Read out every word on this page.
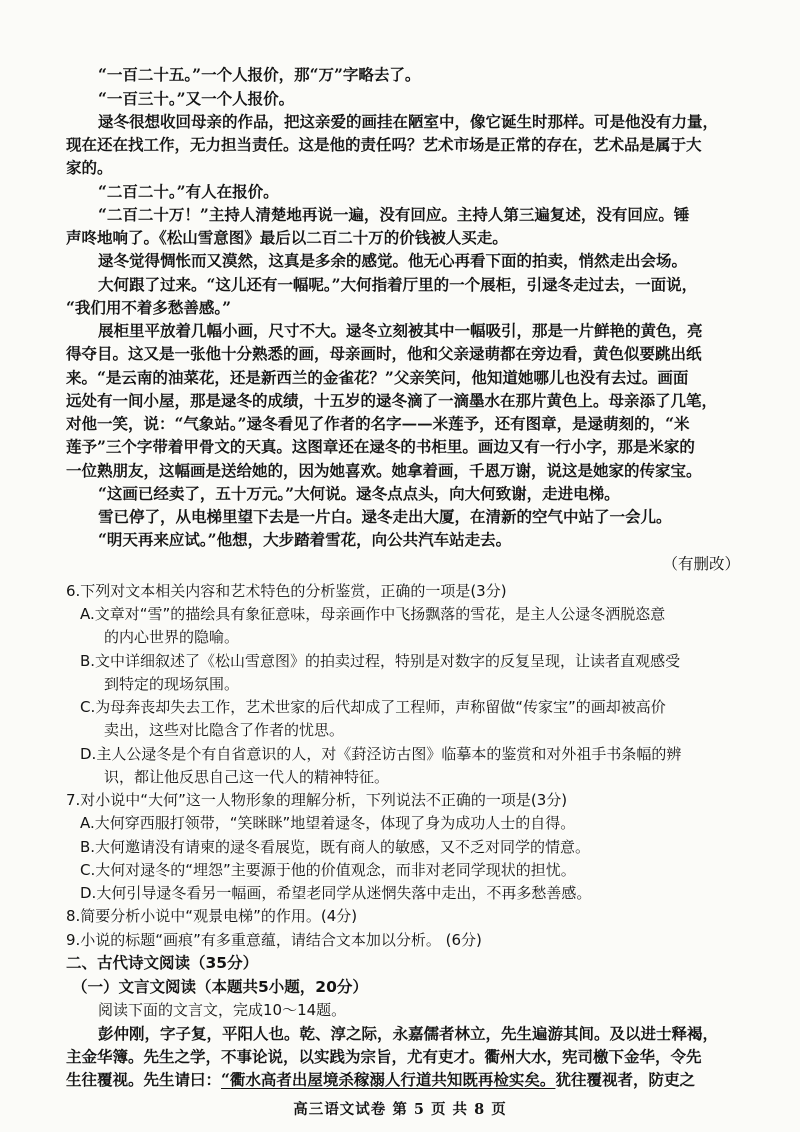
“一百二十五。”一个人报价，那“万”字略去了。
“一百三十。”又一个人报价。
逯冬很想收回母亲的作品，把这亲爱的画挂在陋室中，像它诞生时那样。可是他没有力量，
现在还在找工作，无力担当责任。这是他的责任吗？艺术市场是正常的存在，艺术品是属于大
家的。
“二百二十。”有人在报价。
“二百二十万！”主持人清楚地再说一遍，没有回应。主持人第三遍复述，没有回应。锤
声咚地响了。《松山雪意图》最后以二百二十万的价钱被人买走。
逯冬觉得惆怅而又漠然，这真是多余的感觉。他无心再看下面的拍卖，悄然走出会场。
大何跟了过来。“这儿还有一幅呢。”大何指着厅里的一个展柜，引逯冬走过去，一面说，
“我们用不着多愁善感。”
展柜里平放着几幅小画，尺寸不大。逯冬立刻被其中一幅吸引，那是一片鲜艳的黄色，亮
得夺目。这又是一张他十分熟悉的画，母亲画时，他和父亲逯萌都在旁边看，黄色似要跳出纸
来。“是云南的油菜花，还是新西兰的金雀花？”父亲笑问，他知道她哪儿也没有去过。画面
远处有一间小屋，那是逯冬的成绩，十五岁的逯冬滴了一滴墨水在那片黄色上。母亲添了几笔，
对他一笑，说：“气象站。”逯冬看见了作者的名字——米莲予，还有图章，是逯萌刻的，“米
莲予”三个字带着甲骨文的天真。这图章还在逯冬的书柜里。画边又有一行小字，那是米家的
一位熟朋友，这幅画是送给她的，因为她喜欢。她拿着画，千恩万谢，说这是她家的传家宝。
“这画已经卖了，五十万元。”大何说。逯冬点点头，向大何致谢，走进电梯。
雪已停了，从电梯里望下去是一片白。逯冬走出大厦，在清新的空气中站了一会儿。
“明天再来应试。”他想，大步踏着雪花，向公共汽车站走去。
（有删改）
6.下列对文本相关内容和艺术特色的分析鉴赏，正确的一项是(3分)
A.文章对“雪”的描绘具有象征意味，母亲画作中飞扬飘落的雪花，是主人公逯冬洒脱恣意
的内心世界的隐喻。
B.文中详细叙述了《松山雪意图》的拍卖过程，特别是对数字的反复呈现，让读者直观感受
到特定的现场氛围。
C.为母奔丧却失去工作，艺术世家的后代却成了工程师，声称留做“传家宝”的画却被高价
卖出，这些对比隐含了作者的忧思。
D.主人公逯冬是个有自省意识的人，对《葑泾访古图》临摹本的鉴赏和对外祖手书条幅的辨
识，都让他反思自己这一代人的精神特征。
7.对小说中“大何”这一人物形象的理解分析，下列说法不正确的一项是(3分)
A.大何穿西服打领带，“笑眯眯”地望着逯冬，体现了身为成功人士的自得。
B.大何邀请没有请柬的逯冬看展览，既有商人的敏感，又不乏对同学的情意。
C.大何对逯冬的“埋怨”主要源于他的价值观念，而非对老同学现状的担忧。
D.大何引导逯冬看另一幅画，希望老同学从迷惘失落中走出，不再多愁善感。
8.简要分析小说中“观景电梯”的作用。(4分)
9.小说的标题“画痕”有多重意蕴，请结合文本加以分析。 (6分)
二、古代诗文阅读（35分）
（一）文言文阅读（本题共5小题，20分）
阅读下面的文言文，完成10～14题。
彭仲刚，字子复，平阳人也。乾、淳之际，永嘉儒者林立，先生遍游其间。及以进士释褐，
主金华簿。先生之学，不事论说，以实践为宗旨，尤有吏才。衢州大水，宪司檄下金华，令先
生往覆视。先生请曰：“衢水高者出屋境杀稼溺人行道共知既再检实矣。犹往覆视者，防吏之
高三语文试卷 第 5 页 共 8 页
